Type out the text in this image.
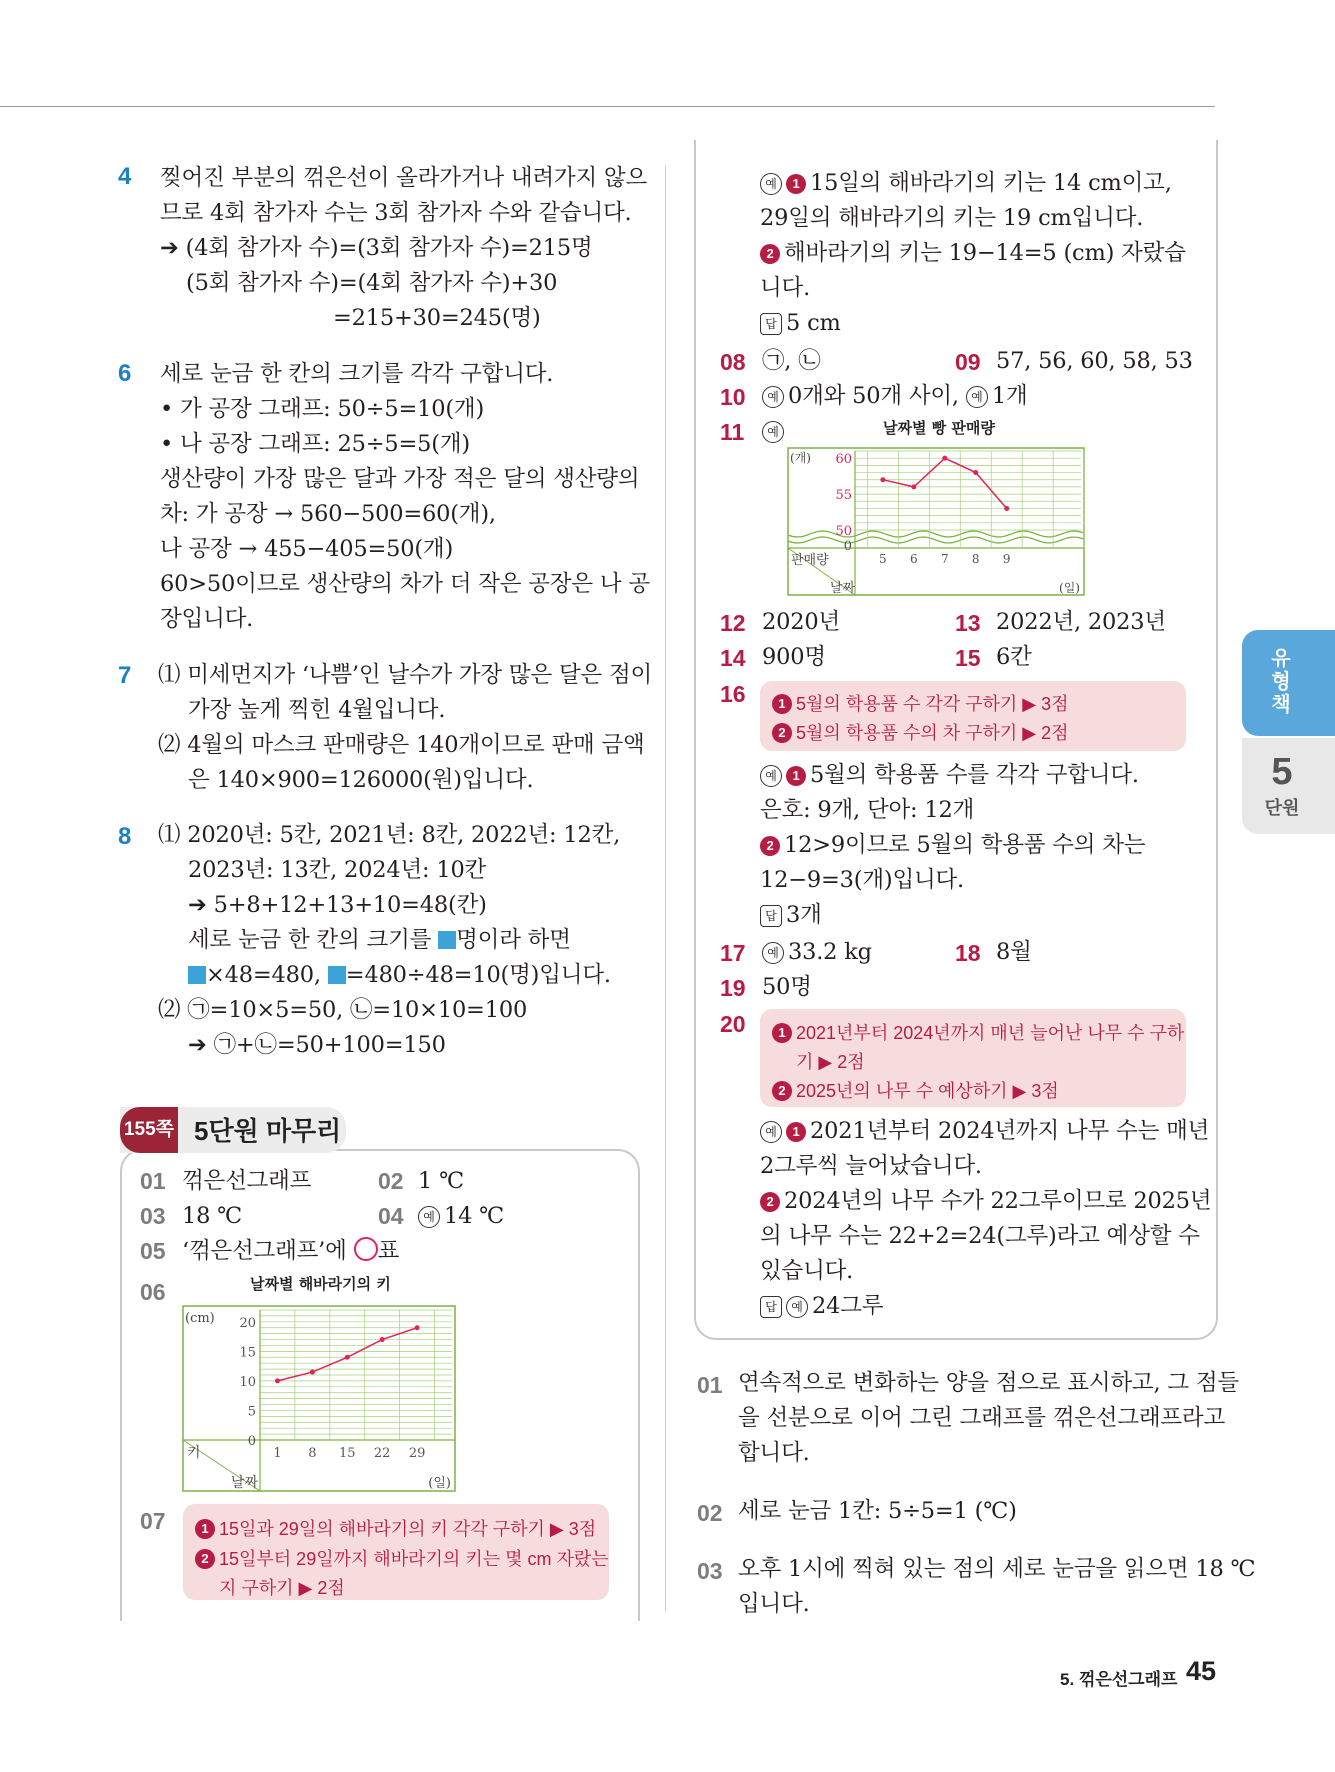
4 찢어진 부분의 꺾은선이 올라가거나 내려가지 않으
므로 4회 참가자 수는 3회 참가자 수와 같습니다.
➔ (4회 참가자 수)=(3회 참가자 수)=215명
(5회 참가자 수)=(4회 참가자 수)+30
=215+30=245(명)
6 세로 눈금 한 칸의 크기를 각각 구합니다.
• 가 공장 그래프: 50÷5=10(개)
• 나 공장 그래프: 25÷5=5(개)
생산량이 가장 많은 달과 가장 적은 달의 생산량의
차: 가 공장 → 560−500=60(개),
나 공장 → 455−405=50(개)
60>50이므로 생산량의 차가 더 작은 공장은 나 공
장입니다.
7 ⑴ 미세먼지가 ‘나쁨’인 날수가 가장 많은 달은 점이
가장 높게 찍힌 4월입니다.
⑵ 4월의 마스크 판매량은 140개이므로 판매 금액
은 140×900=126000(원)입니다.
8 ⑴ 2020년: 5칸, 2021년: 8칸, 2022년: 12칸,
2023년: 13칸, 2024년: 10칸
➔ 5+8+12+13+10=48(칸)
세로 눈금 한 칸의 크기를 명이라 하면
×48=480, =480÷48=10(명)입니다.
⑵ ㉠=10×5=50, ㉡=10×10=100
➔ ㉠+㉡=50+100=150
155쪽 5단원 마무리
01 꺾은선그래프	02 1 ℃
03 18 ℃	04	예 14 ℃
05 ‘꺾은선그래프’에 ○표
06	날짜별 해바라기의 키
0
5
10
15
20
(cm)
1 8 15 22 29
키
날짜	(일)
07	1 15일과 29일의 해바라기의 키 각각 구하기 ▶ 3점
2 15일부터 29일까지 해바라기의 키는 몇 cm 자랐는
지 구하기 ▶ 2점
예 1 15일의 해바라기의 키는 14 cm이고,
29일의 해바라기의 키는 19 cm입니다.
2 해바라기의 키는 19−14=5 (cm) 자랐습
니다.
답 5 cm
08 ㉠, ㉡	09 57, 56, 60, 58, 53
10	예 0개와 50개 사이, 예 1개
11	예	날짜별 빵 판매량
0
50
55
60
(개)
5 6 7 8 9
판매량
날짜	(일)
12 2020년	13 2022년, 2023년
14 900명	15 6칸
16	1 5월의 학용품 수 각각 구하기 ▶ 3점
2 5월의 학용품 수의 차 구하기 ▶ 2점
예 1 5월의 학용품 수를 각각 구합니다.
은호: 9개, 단아: 12개
2 12>9이므로 5월의 학용품 수의 차는
12−9=3(개)입니다.
답 3개
17	예 33.2 kg	18 8월
19 50명
20	1 2021년부터 2024년까지 매년 늘어난 나무 수 구하
기 ▶ 2점
2 2025년의 나무 수 예상하기 ▶ 3점
예 1 2021년부터 2024년까지 나무 수는 매년
2그루씩 늘어났습니다.
2 2024년의 나무 수가 22그루이므로 2025년
의 나무 수는 22+2=24(그루)라고 예상할 수
있습니다.
답 예 24그루
01 연속적으로 변화하는 양을 점으로 표시하고, 그 점들
을 선분으로 이어 그린 그래프를 꺾은선그래프라고
합니다.
02 세로 눈금 1칸: 5÷5=1 (℃)
03 오후 1시에 찍혀 있는 점의 세로 눈금을 읽으면 18 ℃
입니다.
유형책
5
단원
5. 꺾은선그래프 45
